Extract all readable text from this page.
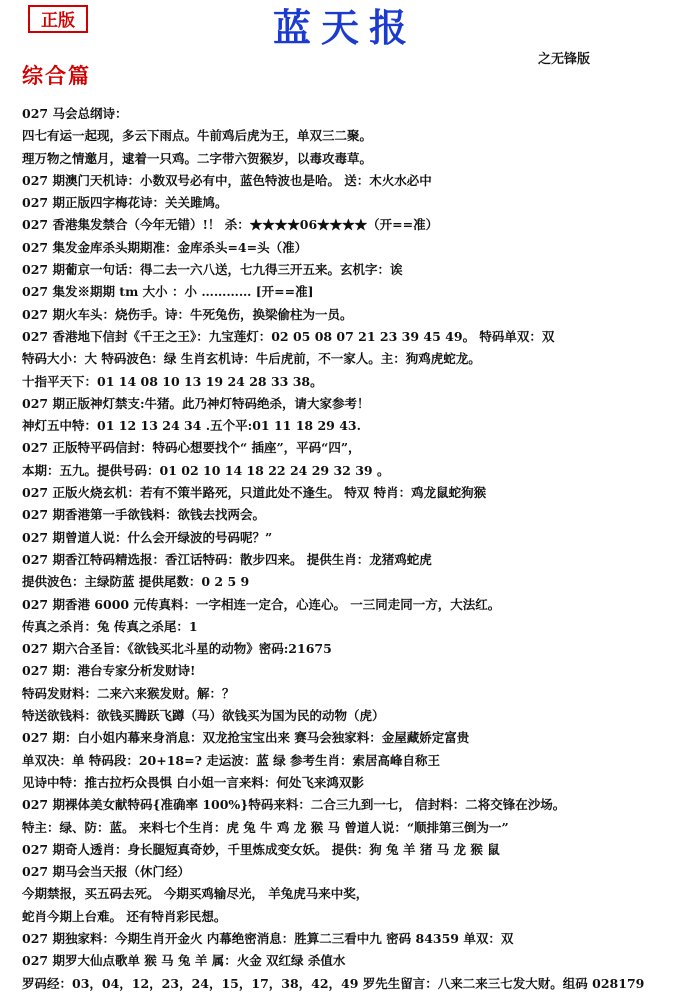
正版	蓝天报
之无锋版
综合篇
027 马会总纲诗：
四七有运一起现，多云下雨点。牛前鸡后虎为王，单双三二聚。
理万物之情邀月，逮着一只鸡。二字带六贺猴岁，以毒攻毒草。
027 期澳门天机诗：小数双号必有中，蓝色特波也是哈。 送：木火水必中
027 期正版四字梅花诗：关关雎鸠。
027 香港集发禁合（今年无错）!！ 杀：★★★★06★★★★（开==准）
027 集发金库杀头期期准：金库杀头=4=头（准）
027 期葡京一句话：得二去一六八送，七九得三开五来。玄机字：诶
027 集发※期期 tm 大小 ：小 ………… [开==准]
027 期火车头：烧伤手。诗：牛死兔伤，换梁偷柱为一员。
027 香港地下信封《千王之王》：九宝莲灯：02 05 08 07 21 23 39 45 49。 特码单双：双
特码大小：大 特码波色：绿 生肖玄机诗：牛后虎前，不一家人。主：狗鸡虎蛇龙。
十指平天下：01 14 08 10 13 19 24 28 33 38。
027 期正版神灯禁支:牛猪。此乃神灯特码绝杀，请大家参考！
神灯五中特：01 12 13 24 34 .五个平:01 11 18 29 43.
027 正版特平码信封：特码心想要找个“ 插座”，平码“四”，
本期：五九。提供号码：01 02 10 14 18 22 24 29 32 39 。
027 正版火烧玄机：若有不策半路死，只道此处不逢生。 特双 特肖：鸡龙鼠蛇狗猴
027 期香港第一手欲钱料：欲钱去找两会。
027 期曾道人说：什么会开绿波的号码呢？”
027 期香江特码精选报：香江话特码：散步四来。 提供生肖：龙猪鸡蛇虎
提供波色：主绿防蓝 提供尾数：0 2 5 9
027 期香港 6000 元传真料：一字相连一定合，心连心。 一三同走同一方，大法红。
传真之杀肖：兔 传真之杀尾：1
027 期六合圣旨：《欲钱买北斗星的动物》密码:21675
027 期：港台专家分析发财诗!
特码发财料：二来六来猴发财。解：？
特送欲钱料：欲钱买腾跃飞蹲（马）欲钱买为国为民的动物（虎）
027 期：白小姐内幕来身消息：双龙抢宝宝出来 赛马会独家料：金屋藏娇定富贵
单双决：单 特码段：20+18=? 走运波：蓝 绿 参考生肖：索居高峰自称王
见诗中特：推古拉朽众畏惧 白小姐一言来料：何处飞来鸿双影
027 期裸体美女献特码{准确率 100%}特码来料：二合三九到一七， 信封料：二将交锋在沙场。
特主：绿、防：蓝。 来料七个生肖：虎 兔 牛 鸡 龙 猴 马 曾道人说：“顺排第三倒为一”
027 期奇人透肖：身长腿短真奇妙，千里炼成变女妖。 提供：狗 兔 羊 猪 马 龙 猴 鼠
027 期马会当天报（休门经）
今期禁报，买五码去死。 今期买鸡输尽光， 羊兔虎马来中奖，
蛇肖今期上台难。 还有特肖彩民想。
027 期独家料：今期生肖开金火 内幕绝密消息：胜算二三看中九 密码 84359 单双：双
027 期罗大仙点歌单 猴 马 兔 羊 属：火金 双红绿 杀值水
罗码经：03，04，12，23，24，15，17，38，42，49 罗先生留言：八来二来三七发大财。组码 028179
